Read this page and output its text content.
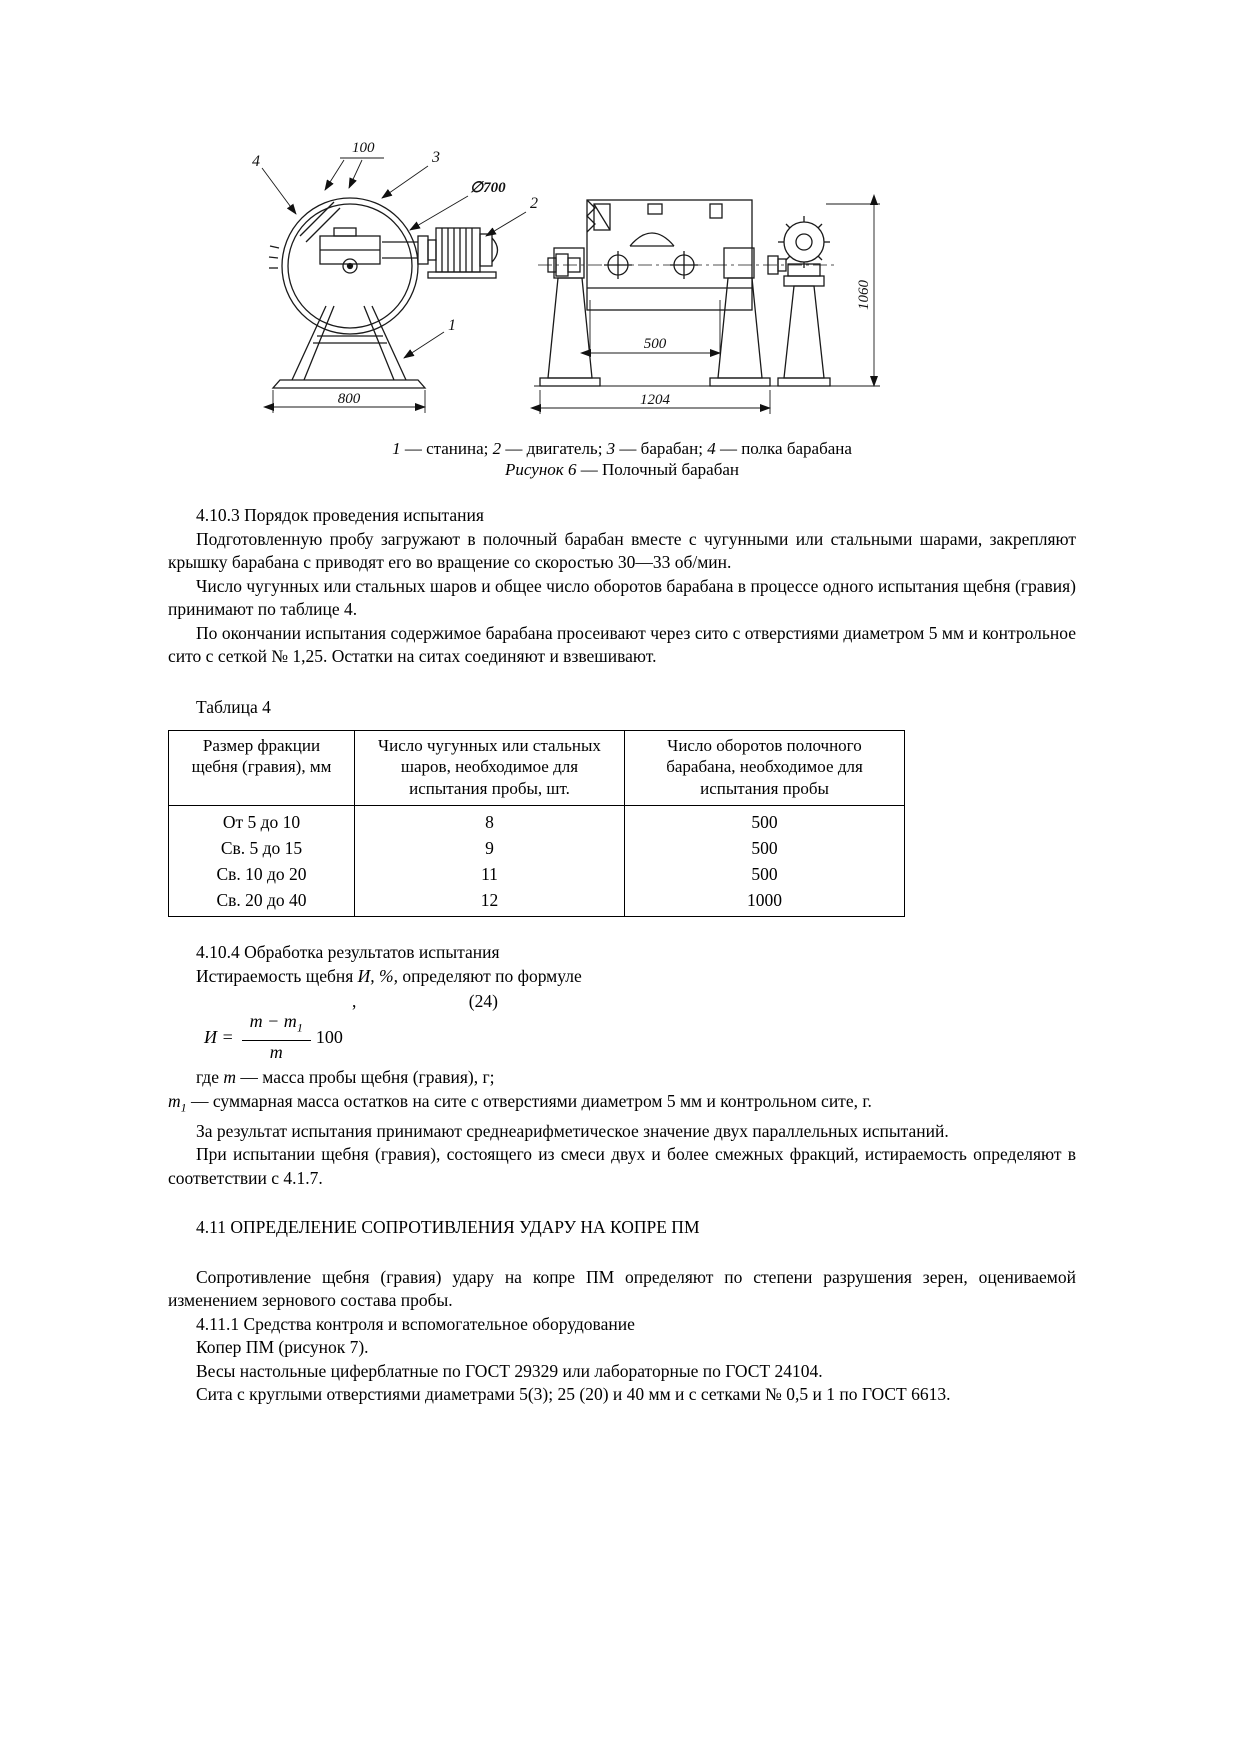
4
100
3
∅700
2
1
800
500
1204
1060
1 — станина; 2 — двигатель; 3 — барабан; 4 — полка барабана
Рисунок 6 — Полочный барабан

4.10.3 Порядок проведения испытания

Подготовленную пробу загружают в полочный барабан вместе с чугунными или стальными шарами, закрепляют крышку барабана с приводят его во вращение со скоростью 30—33 об/мин.

Число чугунных или стальных шаров и общее число оборотов барабана в процессе одного испытания щебня (гравия) принимают по таблице 4.

По окончании испытания содержимое барабана просеивают через сито с отверстиями диаметром 5 мм и контрольное сито с сеткой № 1,25. Остатки на ситах соединяют и взвешивают.

Таблица 4

Размер фракции щебня (гравия), мм	Число чугунных или стальных шаров, необходимое для испытания пробы, шт.	Число оборотов полочного барабана, необходимое для испытания пробы
От 5 до 10	8	500
Св. 5 до 15	9	500
Св. 10 до 20	11	500
Св. 20 до 40	12	1000

4.10.4 Обработка результатов испытания

Истираемость щебня И, %, определяют по формуле

,	(24)
$И = \frac{m - m_1}{m} 100$

где m — масса пробы щебня (гравия), г;

$m_1$ — суммарная масса остатков на сите с отверстиями диаметром 5 мм и контрольном сите, г.

За результат испытания принимают среднеарифметическое значение двух параллельных испытаний.

При испытании щебня (гравия), состоящего из смеси двух и более смежных фракций, истираемость определяют в соответствии с 4.1.7.

4.11 ОПРЕДЕЛЕНИЕ СОПРОТИВЛЕНИЯ УДАРУ НА КОПРЕ ПМ

Сопротивление щебня (гравия) удару на копре ПМ определяют по степени разрушения зерен, оцениваемой изменением зернового состава пробы.

4.11.1 Средства контроля и вспомогательное оборудование

Копер ПМ (рисунок 7).

Весы настольные циферблатные по ГОСТ 29329 или лабораторные по ГОСТ 24104.

Сита с круглыми отверстиями диаметрами 5(3); 25 (20) и 40 мм и с сетками № 0,5 и 1 по ГОСТ 6613.
